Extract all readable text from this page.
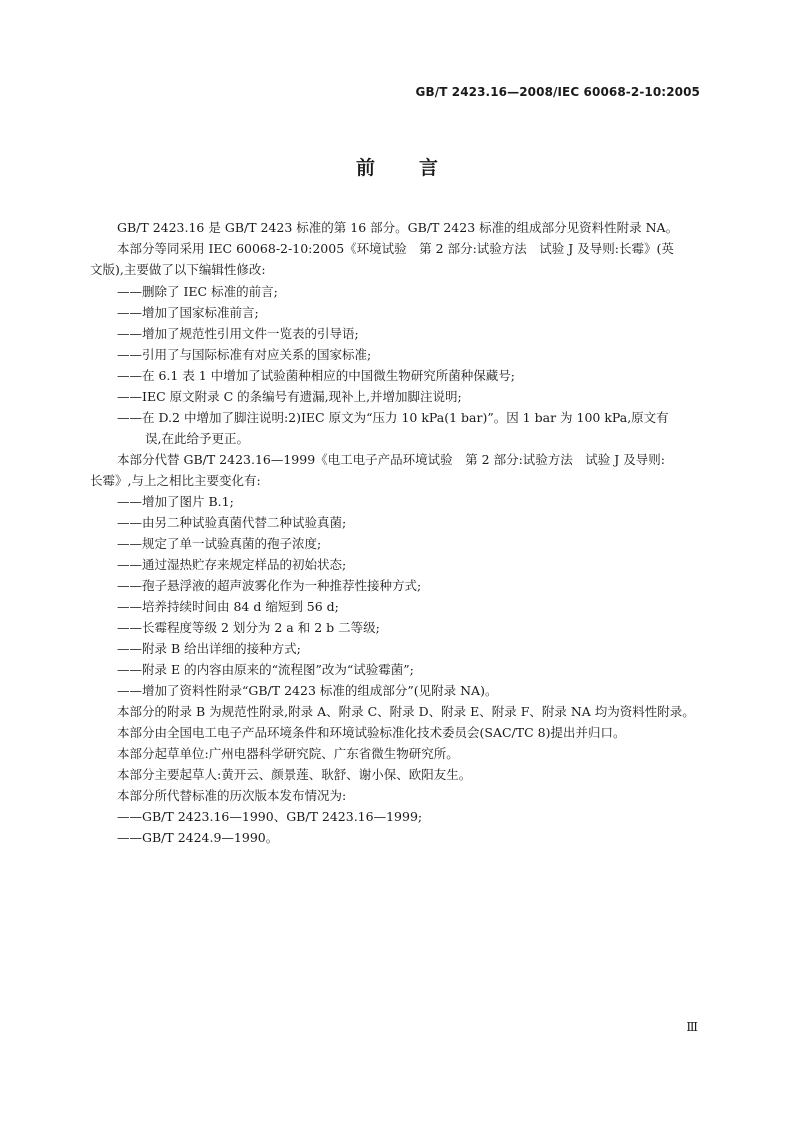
GB/T 2423.16—2008/IEC 60068-2-10:2005
前言
GB/T 2423.16 是 GB/T 2423 标准的第 16 部分。GB/T 2423 标准的组成部分见资料性附录 NA。
本部分等同采用 IEC 60068-2-10:2005《环境试验　第 2 部分:试验方法　试验 J 及导则:长霉》(英
文版),主要做了以下编辑性修改:
——删除了 IEC 标准的前言;
——增加了国家标准前言;
——增加了规范性引用文件一览表的引导语;
——引用了与国际标准有对应关系的国家标准;
——在 6.1 表 1 中增加了试验菌种相应的中国微生物研究所菌种保藏号;
——IEC 原文附录 C 的条编号有遗漏,现补上,并增加脚注说明;
——在 D.2 中增加了脚注说明:2)IEC 原文为“压力 10 kPa(1 bar)”。因 1 bar 为 100 kPa,原文有
误,在此给予更正。
本部分代替 GB/T 2423.16—1999《电工电子产品环境试验　第 2 部分:试验方法　试验 J 及导则:
长霉》,与上之相比主要变化有:
——增加了图片 B.1;
——由另二种试验真菌代替二种试验真菌;
——规定了单一试验真菌的孢子浓度;
——通过湿热贮存来规定样品的初始状态;
——孢子悬浮液的超声波雾化作为一种推荐性接种方式;
——培养持续时间由 84 d 缩短到 56 d;
——长霉程度等级 2 划分为 2 a 和 2 b 二等级;
——附录 B 给出详细的接种方式;
——附录 E 的内容由原来的“流程图”改为“试验霉菌”;
——增加了资料性附录“GB/T 2423 标准的组成部分”(见附录 NA)。
本部分的附录 B 为规范性附录,附录 A、附录 C、附录 D、附录 E、附录 F、附录 NA 均为资料性附录。
本部分由全国电工电子产品环境条件和环境试验标准化技术委员会(SAC/TC 8)提出并归口。
本部分起草单位:广州电器科学研究院、广东省微生物研究所。
本部分主要起草人:黄开云、颜景莲、耿舒、谢小保、欧阳友生。
本部分所代替标准的历次版本发布情况为:
——GB/T 2423.16—1990、GB/T 2423.16—1999;
——GB/T 2424.9—1990。
Ⅲ
